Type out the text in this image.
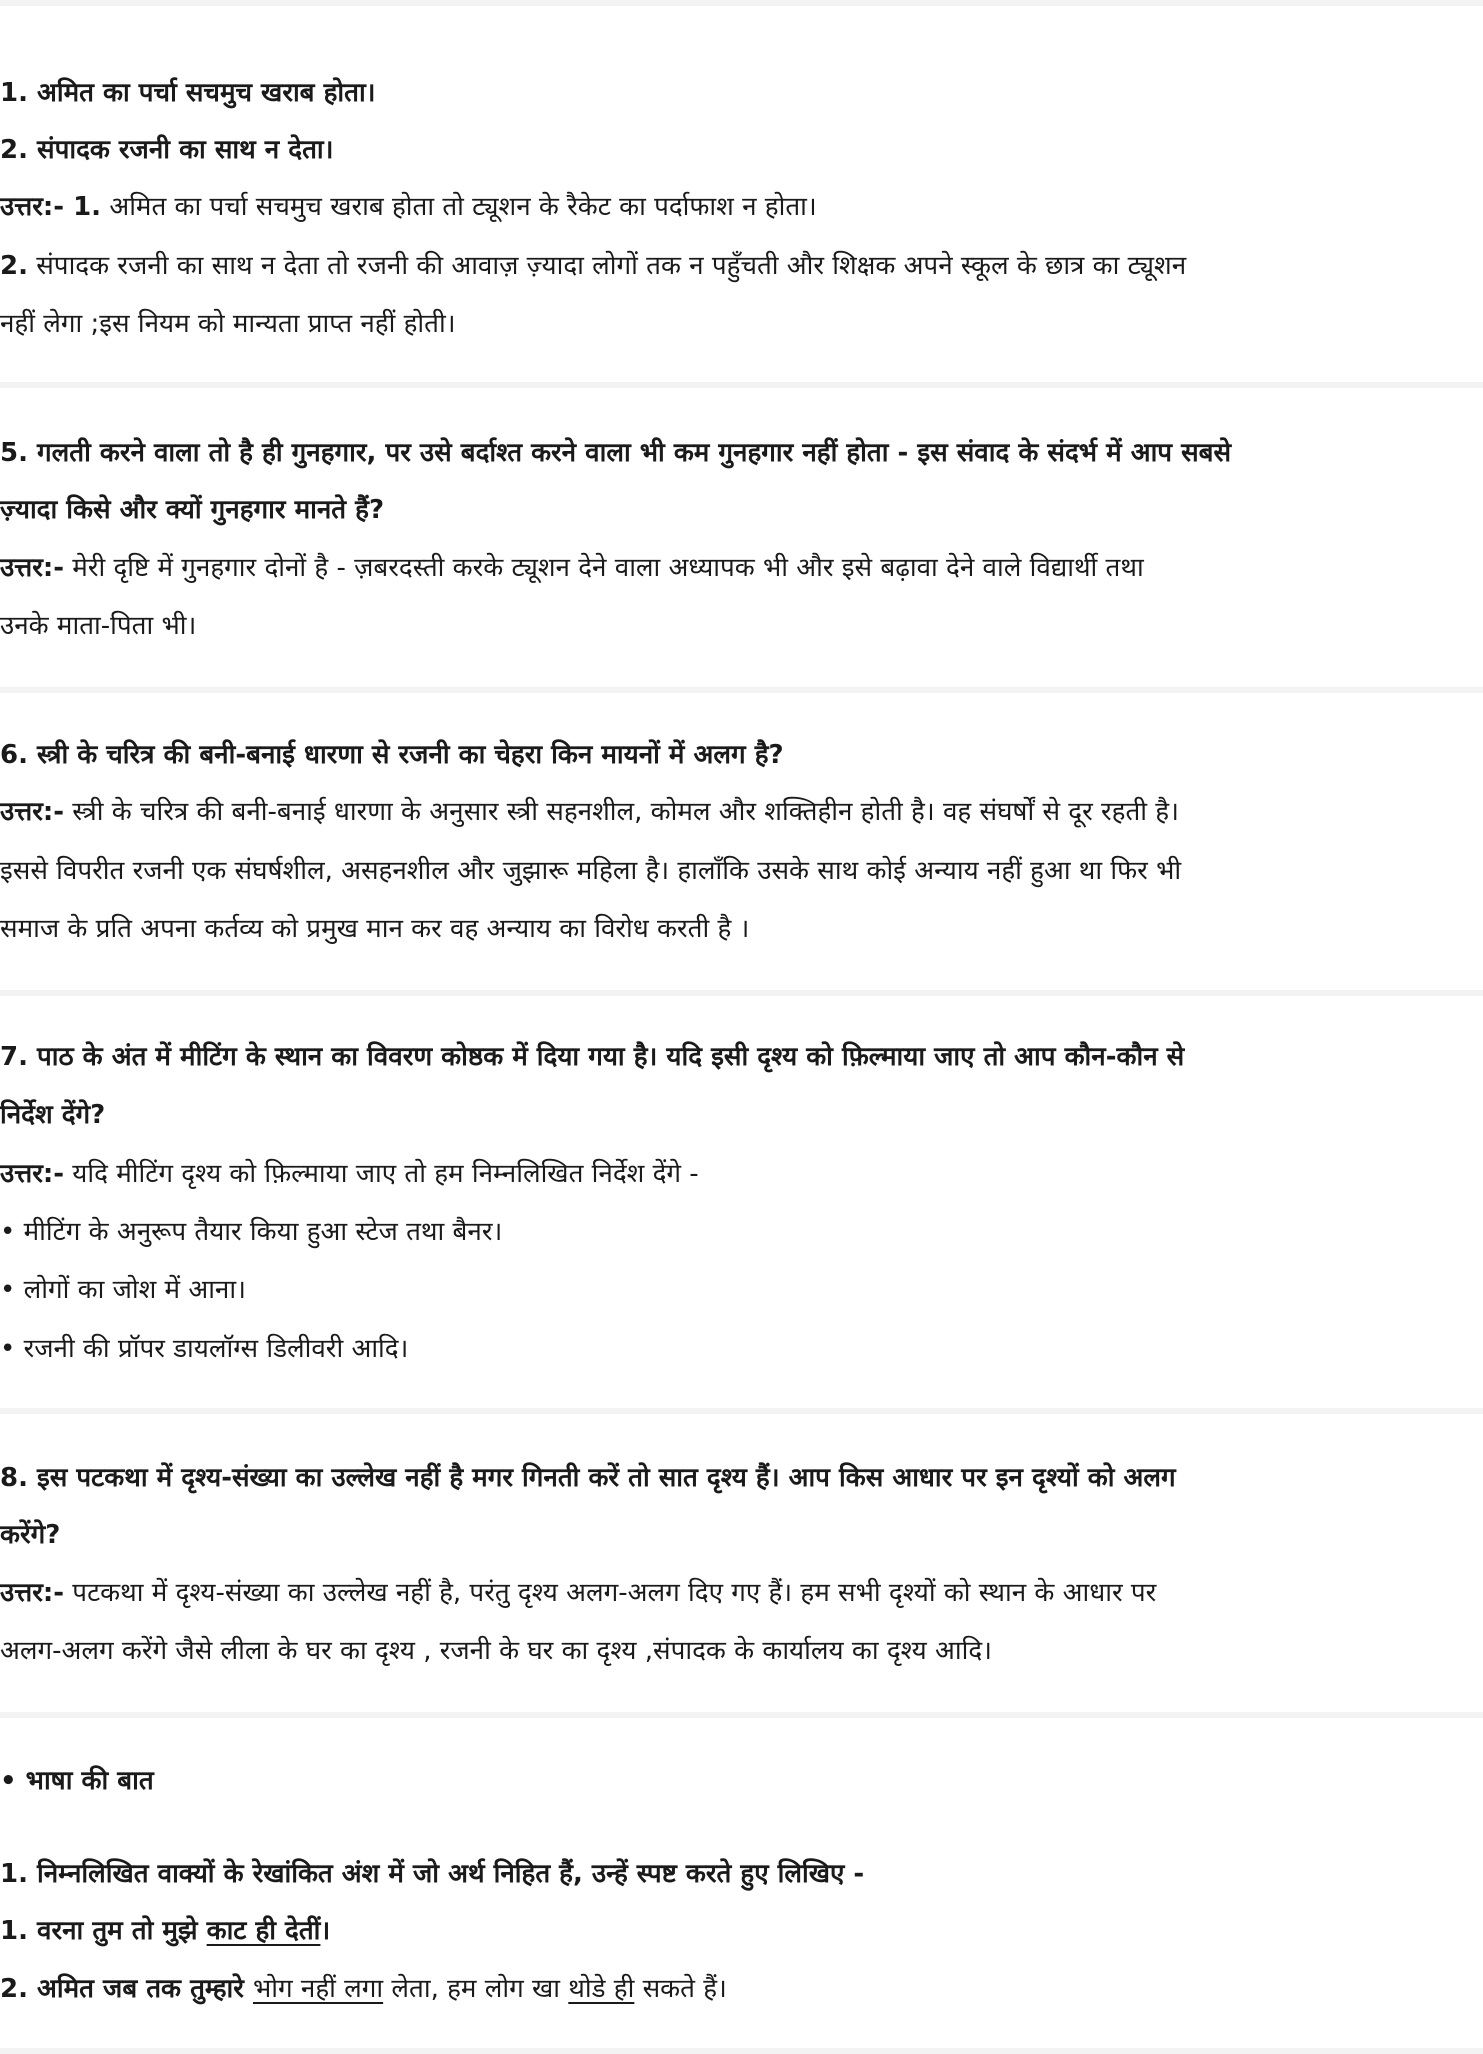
1. अमित का पर्चा सचमुच खराब होता।
2. संपादक रजनी का साथ न देता।
उत्तर:- 1. अमित का पर्चा सचमुच खराब होता तो ट्यूशन के रैकेट का पर्दाफाश न होता।
2. संपादक रजनी का साथ न देता तो रजनी की आवाज़ ज़्यादा लोगों तक न पहुँचती और शिक्षक अपने स्कूल के छात्र का ट्यूशन
नहीं लेगा ;इस नियम को मान्यता प्राप्त नहीं होती।
5. गलती करने वाला तो है ही गुनहगार, पर उसे बर्दाश्त करने वाला भी कम गुनहगार नहीं होता - इस संवाद के संदर्भ में आप सबसे
ज़्यादा किसे और क्यों गुनहगार मानते हैं?
उत्तर:- मेरी दृष्टि में गुनहगार दोनों है - ज़बरदस्ती करके ट्यूशन देने वाला अध्यापक भी और इसे बढ़ावा देने वाले विद्यार्थी तथा
उनके माता-पिता भी।
6. स्त्री के चरित्र की बनी-बनाई धारणा से रजनी का चेहरा किन मायनों में अलग है?
उत्तर:- स्त्री के चरित्र की बनी-बनाई धारणा के अनुसार स्त्री सहनशील, कोमल और शक्तिहीन होती है। वह संघर्षों से दूर रहती है।
इससे विपरीत रजनी एक संघर्षशील, असहनशील और जुझारू महिला है। हालाँकि उसके साथ कोई अन्याय नहीं हुआ था फिर भी
समाज के प्रति अपना कर्तव्य को प्रमुख मान कर वह अन्याय का विरोध करती है ।
7. पाठ के अंत में मीटिंग के स्थान का विवरण कोष्ठक में दिया गया है। यदि इसी दृश्य को फ़िल्माया जाए तो आप कौन-कौन से
निर्देश देंगे?
उत्तर:- यदि मीटिंग दृश्य को फ़िल्माया जाए तो हम निम्नलिखित निर्देश देंगे -
• मीटिंग के अनुरूप तैयार किया हुआ स्टेज तथा बैनर।
• लोगों का जोश में आना।
• रजनी की प्रॉपर डायलॉग्स डिलीवरी आदि।
8. इस पटकथा में दृश्य-संख्या का उल्लेख नहीं है मगर गिनती करें तो सात दृश्य हैं। आप किस आधार पर इन दृश्यों को अलग
करेंगे?
उत्तर:- पटकथा में दृश्य-संख्या का उल्लेख नहीं है, परंतु दृश्य अलग-अलग दिए गए हैं। हम सभी दृश्यों को स्थान के आधार पर
अलग-अलग करेंगे जैसे लीला के घर का दृश्य , रजनी के घर का दृश्य ,संपादक के कार्यालय का दृश्य आदि।
• भाषा की बात
1. निम्नलिखित वाक्यों के रेखांकित अंश में जो अर्थ निहित हैं, उन्हें स्पष्ट करते हुए लिखिए -
1. वरना तुम तो मुझे काट ही देतीं।
2. अमित जब तक तुम्हारे भोग नहीं लगा लेता, हम लोग खा थोडे ही सकते हैं।
